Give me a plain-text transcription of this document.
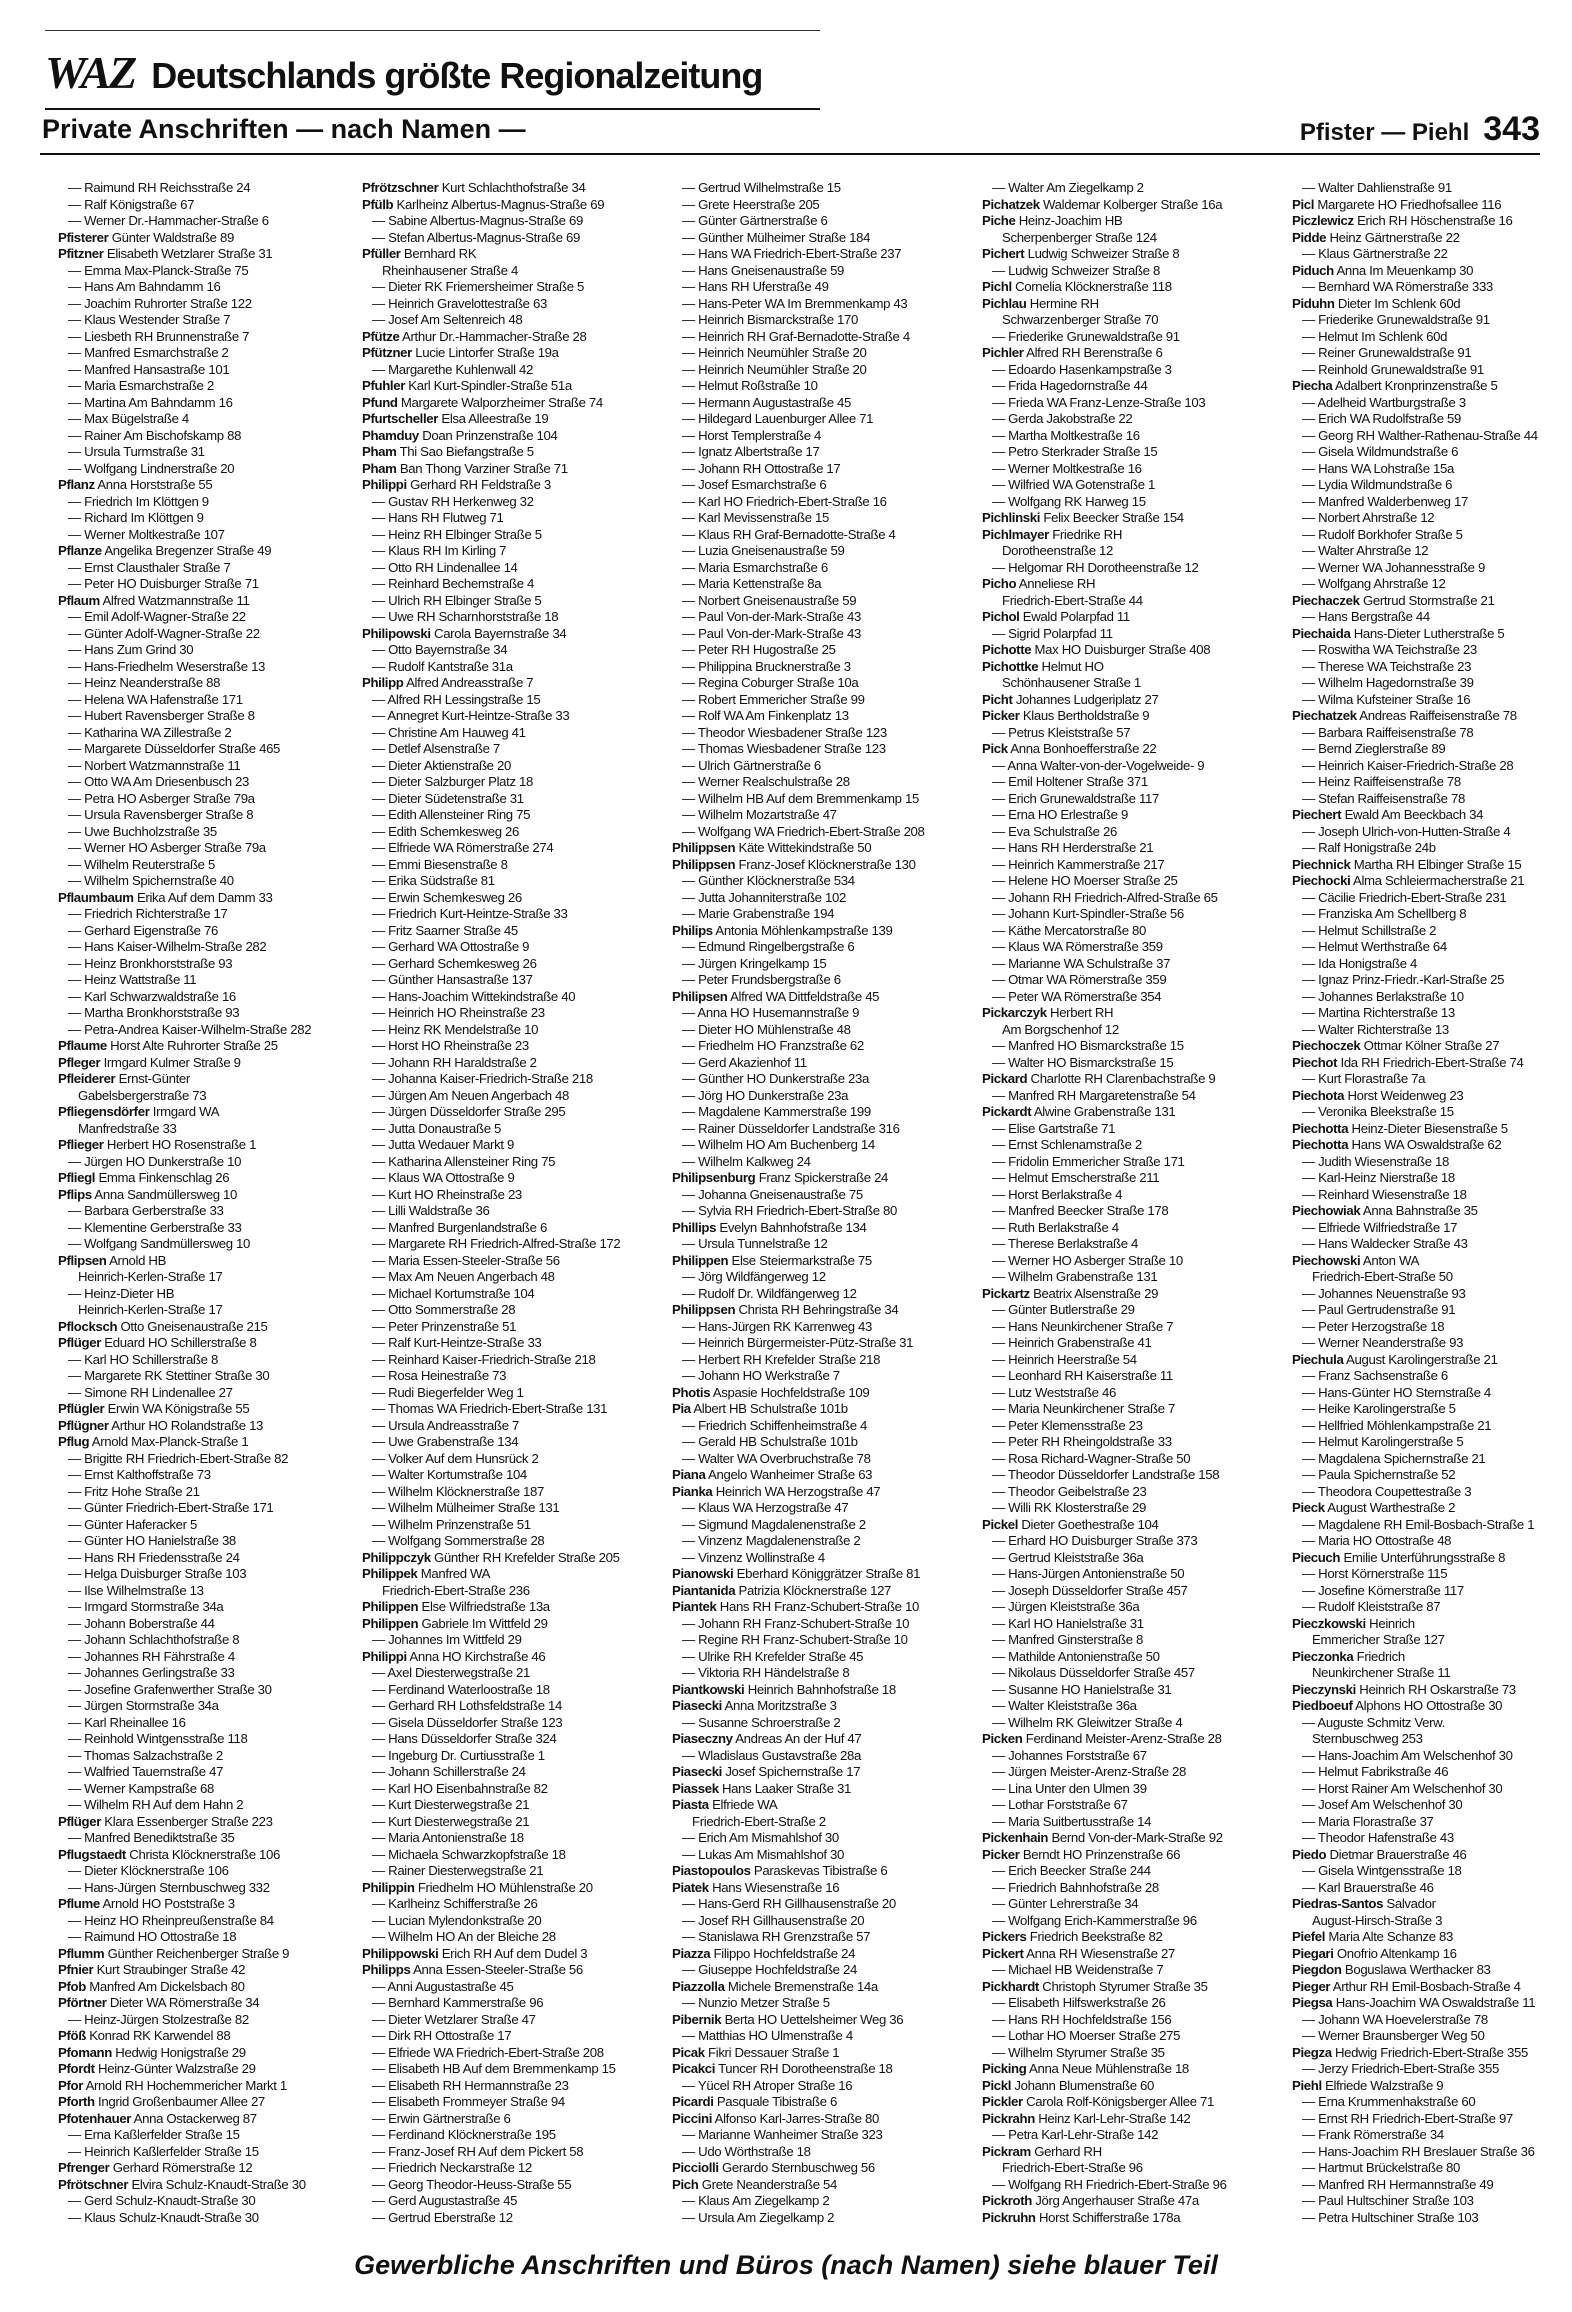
WAZ Deutschlands größte Regionalzeitung
Private Anschriften — nach Namen —	Pfister — Piehl 343
— Raimund RH Reichsstraße 24
— Ralf Königstraße 67
— Werner Dr.-Hammacher-Straße 6
Pfisterer Günter Waldstraße 89
Pfitzner Elisabeth Wetzlarer Straße 31
— Emma Max-Planck-Straße 75
— Hans Am Bahndamm 16
— Joachim Ruhrorter Straße 122
— Klaus Westender Straße 7
— Liesbeth RH Brunnenstraße 7
— Manfred Esmarchstraße 2
— Manfred Hansastraße 101
— Maria Esmarchstraße 2
— Martina Am Bahndamm 16
— Max Bügelstraße 4
— Rainer Am Bischofskamp 88
— Ursula Turmstraße 31
— Wolfgang Lindnerstraße 20
Pflanz Anna Horststraße 55
— Friedrich Im Klöttgen 9
— Richard Im Klöttgen 9
— Werner Moltkestraße 107
Pflanze Angelika Bregenzer Straße 49
— Ernst Clausthaler Straße 7
— Peter HO Duisburger Straße 71
Pflaum Alfred Watzmannstraße 11
— Emil Adolf-Wagner-Straße 22
— Günter Adolf-Wagner-Straße 22
— Hans Zum Grind 30
— Hans-Friedhelm Weserstraße 13
— Heinz Neanderstraße 88
— Helena WA Hafenstraße 171
— Hubert Ravensberger Straße 8
— Katharina WA Zillestraße 2
— Margarete Düsseldorfer Straße 465
— Norbert Watzmannstraße 11
— Otto WA Am Driesenbusch 23
— Petra HO Asberger Straße 79a
— Ursula Ravensberger Straße 8
— Uwe Buchholzstraße 35
— Werner HO Asberger Straße 79a
— Wilhelm Reuterstraße 5
— Wilhelm Spichernstraße 40
Pflaumbaum Erika Auf dem Damm 33
— Friedrich Richterstraße 17
— Gerhard Eigenstraße 76
— Hans Kaiser-Wilhelm-Straße 282
— Heinz Bronkhorststraße 93
— Heinz Wattstraße 11
— Karl Schwarzwaldstraße 16
— Martha Bronkhorststraße 93
— Petra-Andrea Kaiser-Wilhelm-Straße 282
Pflaume Horst Alte Ruhrorter Straße 25
Pfleger Irmgard Kulmer Straße 9
Pfleiderer Ernst-Günter
Gabelsbergerstraße 73
Pfliegensdörfer Irmgard WA
Manfredstraße 33
Pflieger Herbert HO Rosenstraße 1
— Jürgen HO Dunkerstraße 10
Pfliegl Emma Finkenschlag 26
Pflips Anna Sandmüllersweg 10
— Barbara Gerberstraße 33
— Klementine Gerberstraße 33
— Wolfgang Sandmüllersweg 10
Pflipsen Arnold HB
Heinrich-Kerlen-Straße 17
— Heinz-Dieter HB
Heinrich-Kerlen-Straße 17
Pflocksch Otto Gneisenaustraße 215
Pflüger Eduard HO Schillerstraße 8
— Karl HO Schillerstraße 8
— Margarete RK Stettiner Straße 30
— Simone RH Lindenallee 27
Pflügler Erwin WA Königstraße 55
Pflügner Arthur HO Rolandstraße 13
Pflug Arnold Max-Planck-Straße 1
— Brigitte RH Friedrich-Ebert-Straße 82
— Ernst Kalthoffstraße 73
— Fritz Hohe Straße 21
— Günter Friedrich-Ebert-Straße 171
— Günter Haferacker 5
— Günter HO Hanielstraße 38
— Hans RH Friedensstraße 24
— Helga Duisburger Straße 103
— Ilse Wilhelmstraße 13
— Irmgard Stormstraße 34a
— Johann Boberstraße 44
— Johann Schlachthofstraße 8
— Johannes RH Fährstraße 4
— Johannes Gerlingstraße 33
— Josefine Grafenwerther Straße 30
— Jürgen Stormstraße 34a
— Karl Rheinallee 16
— Reinhold Wintgensstraße 118
— Thomas Salzachstraße 2
— Walfried Tauernstraße 47
— Werner Kampstraße 68
— Wilhelm RH Auf dem Hahn 2
Pflüger Klara Essenberger Straße 223
— Manfred Benediktstraße 35
Pflugstaedt Christa Klöcknerstraße 106
— Dieter Klöcknerstraße 106
— Hans-Jürgen Sternbuschweg 332
Pflume Arnold HO Poststraße 3
— Heinz HO Rheinpreußenstraße 84
— Raimund HO Ottostraße 18
Pflumm Günther Reichenberger Straße 9
Pfnier Kurt Straubinger Straße 42
Pfob Manfred Am Dickelsbach 80
Pförtner Dieter WA Römerstraße 34
— Heinz-Jürgen Stolzestraße 82
Pföß Konrad RK Karwendel 88
Pfomann Hedwig Honigstraße 29
Pfordt Heinz-Günter Walzstraße 29
Pfor Arnold RH Hochemmericher Markt 1
Pforth Ingrid Großenbaumer Allee 27
Pfotenhauer Anna Ostackerweg 87
— Erna Kaßlerfelder Straße 15
— Heinrich Kaßlerfelder Straße 15
Pfrenger Gerhard Römerstraße 12
Pfrötschner Elvira Schulz-Knaudt-Straße 30
— Gerd Schulz-Knaudt-Straße 30
— Klaus Schulz-Knaudt-Straße 30
Pfrötzschner Kurt Schlachthofstraße 34
Pfülb Karlheinz Albertus-Magnus-Straße 69
— Sabine Albertus-Magnus-Straße 69
— Stefan Albertus-Magnus-Straße 69
Pfüller Bernhard RK
Rheinhausener Straße 4
— Dieter RK Friemersheimer Straße 5
— Heinrich Gravelottestraße 63
— Josef Am Seltenreich 48
Pfütze Arthur Dr.-Hammacher-Straße 28
Pfützner Lucie Lintorfer Straße 19a
— Margarethe Kuhlenwall 42
Pfuhler Karl Kurt-Spindler-Straße 51a
Pfund Margarete Walporzheimer Straße 74
Pfurtscheller Elsa Alleestraße 19
Phamduy Doan Prinzenstraße 104
Pham Thi Sao Biefangstraße 5
Pham Ban Thong Varziner Straße 71
Philippi Gerhard RH Feldstraße 3
— Gustav RH Herkenweg 32
— Hans RH Flutweg 71
— Heinz RH Elbinger Straße 5
— Klaus RH Im Kirling 7
— Otto RH Lindenallee 14
— Reinhard Bechemstraße 4
— Ulrich RH Elbinger Straße 5
— Uwe RH Scharnhorststraße 18
Philipowski Carola Bayernstraße 34
— Otto Bayernstraße 34
— Rudolf Kantstraße 31a
Philipp Alfred Andreasstraße 7
— Alfred RH Lessingstraße 15
— Annegret Kurt-Heintze-Straße 33
— Christine Am Hauweg 41
— Detlef Alsenstraße 7
— Dieter Aktienstraße 20
— Dieter Salzburger Platz 18
— Dieter Südetenstraße 31
— Edith Allensteiner Ring 75
— Edith Schemkesweg 26
— Elfriede WA Römerstraße 274
— Emmi Biesenstraße 8
— Erika Südstraße 81
— Erwin Schemkesweg 26
— Friedrich Kurt-Heintze-Straße 33
— Fritz Saarner Straße 45
— Gerhard WA Ottostraße 9
— Gerhard Schemkesweg 26
— Günther Hansastraße 137
— Hans-Joachim Wittekindstraße 40
— Heinrich HO Rheinstraße 23
— Heinz RK Mendelstraße 10
— Horst HO Rheinstraße 23
— Johann RH Haraldstraße 2
— Johanna Kaiser-Friedrich-Straße 218
— Jürgen Am Neuen Angerbach 48
— Jürgen Düsseldorfer Straße 295
— Jutta Donaustraße 5
— Jutta Wedauer Markt 9
— Katharina Allensteiner Ring 75
— Klaus WA Ottostraße 9
— Kurt HO Rheinstraße 23
— Lilli Waldstraße 36
— Manfred Burgenlandstraße 6
— Margarete RH Friedrich-Alfred-Straße 172
— Maria Essen-Steeler-Straße 56
— Max Am Neuen Angerbach 48
— Michael Kortumstraße 104
— Otto Sommerstraße 28
— Peter Prinzenstraße 51
— Ralf Kurt-Heintze-Straße 33
— Reinhard Kaiser-Friedrich-Straße 218
— Rosa Heinestraße 73
— Rudi Biegerfelder Weg 1
— Thomas WA Friedrich-Ebert-Straße 131
— Ursula Andreasstraße 7
— Uwe Grabenstraße 134
— Volker Auf dem Hunsrück 2
— Walter Kortumstraße 104
— Wilhelm Klöcknerstraße 187
— Wilhelm Mülheimer Straße 131
— Wilhelm Prinzenstraße 51
— Wolfgang Sommerstraße 28
Philippczyk Günther RH Krefelder Straße 205
Philippek Manfred WA
Friedrich-Ebert-Straße 236
Philippen Else Wilfriedstraße 13a
Philippen Gabriele Im Wittfeld 29
— Johannes Im Wittfeld 29
Philippi Anna HO Kirchstraße 46
— Axel Diesterwegstraße 21
— Ferdinand Waterloostraße 18
— Gerhard RH Lothsfeldstraße 14
— Gisela Düsseldorfer Straße 123
— Hans Düsseldorfer Straße 324
— Ingeburg Dr. Curtiusstraße 1
— Johann Schillerstraße 24
— Karl HO Eisenbahnstraße 82
— Kurt Diesterwegstraße 21
— Kurt Diesterwegstraße 21
— Maria Antonienstraße 18
— Michaela Schwarzkopfstraße 18
— Rainer Diesterwegstraße 21
Philippin Friedhelm HO Mühlenstraße 20
— Karlheinz Schifferstraße 26
— Lucian Mylendonkstraße 20
— Wilhelm HO An der Bleiche 28
Philippowski Erich RH Auf dem Dudel 3
Philipps Anna Essen-Steeler-Straße 56
— Anni Augustastraße 45
— Bernhard Kammerstraße 96
— Dieter Wetzlarer Straße 47
— Dirk RH Ottostraße 17
— Elfriede WA Friedrich-Ebert-Straße 208
— Elisabeth HB Auf dem Bremmenkamp 15
— Elisabeth RH Hermannstraße 23
— Elisabeth Frommeyer Straße 94
— Erwin Gärtnerstraße 6
— Ferdinand Klöcknerstraße 195
— Franz-Josef RH Auf dem Pickert 58
— Friedrich Neckarstraße 12
— Georg Theodor-Heuss-Straße 55
— Gerd Augustastraße 45
— Gertrud Eberstraße 12
— Gertrud Wilhelmstraße 15
— Grete Heerstraße 205
— Günter Gärtnerstraße 6
— Günther Mülheimer Straße 184
— Hans WA Friedrich-Ebert-Straße 237
— Hans Gneisenaustraße 59
— Hans RH Uferstraße 49
— Hans-Peter WA Im Bremmenkamp 43
— Heinrich Bismarckstraße 170
— Heinrich RH Graf-Bernadotte-Straße 4
— Heinrich Neumühler Straße 20
— Heinrich Neumühler Straße 20
— Helmut Roßstraße 10
— Hermann Augustastraße 45
— Hildegard Lauenburger Allee 71
— Horst Templerstraße 4
— Ignatz Albertstraße 17
— Johann RH Ottostraße 17
— Josef Esmarchstraße 6
— Karl HO Friedrich-Ebert-Straße 16
— Karl Mevissenstraße 15
— Klaus RH Graf-Bernadotte-Straße 4
— Luzia Gneisenaustraße 59
— Maria Esmarchstraße 6
— Maria Kettenstraße 8a
— Norbert Gneisenaustraße 59
— Paul Von-der-Mark-Straße 43
— Paul Von-der-Mark-Straße 43
— Peter RH Hugostraße 25
— Philippina Brucknerstraße 3
— Regina Coburger Straße 10a
— Robert Emmericher Straße 99
— Rolf WA Am Finkenplatz 13
— Theodor Wiesbadener Straße 123
— Thomas Wiesbadener Straße 123
— Ulrich Gärtnerstraße 6
— Werner Realschulstraße 28
— Wilhelm HB Auf dem Bremmenkamp 15
— Wilhelm Mozartstraße 47
— Wolfgang WA Friedrich-Ebert-Straße 208
Philippsen Käte Wittekindstraße 50
Philippsen Franz-Josef Klöcknerstraße 130
— Günther Klöcknerstraße 534
— Jutta Johanniterstraße 102
— Marie Grabenstraße 194
Philips Antonia Möhlenkampstraße 139
— Edmund Ringelbergstraße 6
— Jürgen Kringelkamp 15
— Peter Frundsbergstraße 6
Philipsen Alfred WA Dittfeldstraße 45
— Anna HO Husemannstraße 9
— Dieter HO Mühlenstraße 48
— Friedhelm HO Franzstraße 62
— Gerd Akazienhof 11
— Günther HO Dunkerstraße 23a
— Jörg HO Dunkerstraße 23a
— Magdalene Kammerstraße 199
— Rainer Düsseldorfer Landstraße 316
— Wilhelm HO Am Buchenberg 14
— Wilhelm Kalkweg 24
Philipsenburg Franz Spickerstraße 24
— Johanna Gneisenaustraße 75
— Sylvia RH Friedrich-Ebert-Straße 80
Phillips Evelyn Bahnhofstraße 134
— Ursula Tunnelstraße 12
Philippen Else Steiermarkstraße 75
— Jörg Wildfängerweg 12
— Rudolf Dr. Wildfängerweg 12
Philippsen Christa RH Behringstraße 34
— Hans-Jürgen RK Karrenweg 43
— Heinrich Bürgermeister-Pütz-Straße 31
— Herbert RH Krefelder Straße 218
— Johann HO Werkstraße 7
Photis Aspasie Hochfeldstraße 109
Pia Albert HB Schulstraße 101b
— Friedrich Schiffenheimstraße 4
— Gerald HB Schulstraße 101b
— Walter WA Overbruchstraße 78
Piana Angelo Wanheimer Straße 63
Pianka Heinrich WA Herzogstraße 47
— Klaus WA Herzogstraße 47
— Sigmund Magdalenenstraße 2
— Vinzenz Magdalenenstraße 2
— Vinzenz Wollinstraße 4
Pianowski Eberhard Königgrätzer Straße 81
Piantanida Patrizia Klöcknerstraße 127
Piantek Hans RH Franz-Schubert-Straße 10
— Johann RH Franz-Schubert-Straße 10
— Regine RH Franz-Schubert-Straße 10
— Ulrike RH Krefelder Straße 45
— Viktoria RH Händelstraße 8
Piantkowski Heinrich Bahnhofstraße 18
Piasecki Anna Moritzstraße 3
— Susanne Schroerstraße 2
Piaseczny Andreas An der Huf 47
— Wladislaus Gustavstraße 28a
Piasecki Josef Spichernstraße 17
Piassek Hans Laaker Straße 31
Piasta Elfriede WA
Friedrich-Ebert-Straße 2
— Erich Am Mismahlshof 30
— Lukas Am Mismahlshof 30
Piastopoulos Paraskevas Tibistraße 6
Piatek Hans Wiesenstraße 16
— Hans-Gerd RH Gillhausenstraße 20
— Josef RH Gillhausenstraße 20
— Stanislawa RH Grenzstraße 57
Piazza Filippo Hochfeldstraße 24
— Giuseppe Hochfeldstraße 24
Piazzolla Michele Bremenstraße 14a
— Nunzio Metzer Straße 5
Pibernik Berta HO Uettelsheimer Weg 36
— Matthias HO Ulmenstraße 4
Picak Fikri Dessauer Straße 1
Picakci Tuncer RH Dorotheenstraße 18
— Yücel RH Atroper Straße 16
Picardi Pasquale Tibistraße 6
Piccini Alfonso Karl-Jarres-Straße 80
— Marianne Wanheimer Straße 323
— Udo Wörthstraße 18
Picciolli Gerardo Sternbuschweg 56
Pich Grete Neanderstraße 54
— Klaus Am Ziegelkamp 2
— Ursula Am Ziegelkamp 2
— Walter Am Ziegelkamp 2
Pichatzek Waldemar Kolberger Straße 16a
Piche Heinz-Joachim HB
Scherpenberger Straße 124
Pichert Ludwig Schweizer Straße 8
— Ludwig Schweizer Straße 8
Pichl Cornelia Klöcknerstraße 118
Pichlau Hermine RH
Schwarzenberger Straße 70
— Friederike Grunewaldstraße 91
Pichler Alfred RH Berenstraße 6
— Edoardo Hasenkampstraße 3
— Frida Hagedornstraße 44
— Frieda WA Franz-Lenze-Straße 103
— Gerda Jakobstraße 22
— Martha Moltkestraße 16
— Petro Sterkrader Straße 15
— Werner Moltkestraße 16
— Wilfried WA Gotenstraße 1
— Wolfgang RK Harweg 15
Pichlinski Felix Beecker Straße 154
Pichlmayer Friedrike RH
Dorotheenstraße 12
— Helgomar RH Dorotheenstraße 12
Picho Anneliese RH
Friedrich-Ebert-Straße 44
Pichol Ewald Polarpfad 11
— Sigrid Polarpfad 11
Pichotte Max HO Duisburger Straße 408
Pichottke Helmut HO
Schönhausener Straße 1
Picht Johannes Ludgeriplatz 27
Picker Klaus Bertholdstraße 9
— Petrus Kleiststraße 57
Pick Anna Bonhoefferstraße 22
— Anna Walter-von-der-Vogelweide- 9
— Emil Holtener Straße 371
— Erich Grunewaldstraße 117
— Erna HO Erlestraße 9
— Eva Schulstraße 26
— Hans RH Herderstraße 21
— Heinrich Kammerstraße 217
— Helene HO Moerser Straße 25
— Johann RH Friedrich-Alfred-Straße 65
— Johann Kurt-Spindler-Straße 56
— Käthe Mercatorstraße 80
— Klaus WA Römerstraße 359
— Marianne WA Schulstraße 37
— Otmar WA Römerstraße 359
— Peter WA Römerstraße 354
Pickarczyk Herbert RH
Am Borgschenhof 12
— Manfred HO Bismarckstraße 15
— Walter HO Bismarckstraße 15
Pickard Charlotte RH Clarenbachstraße 9
— Manfred RH Margaretenstraße 54
Pickardt Alwine Grabenstraße 131
— Elise Gartstraße 71
— Ernst Schlenamstraße 2
— Fridolin Emmericher Straße 171
— Helmut Emscherstraße 211
— Horst Berlakstraße 4
— Manfred Beecker Straße 178
— Ruth Berlakstraße 4
— Therese Berlakstraße 4
— Werner HO Asberger Straße 10
— Wilhelm Grabenstraße 131
Pickartz Beatrix Alsenstraße 29
— Günter Butlerstraße 29
— Hans Neunkirchener Straße 7
— Heinrich Grabenstraße 41
— Heinrich Heerstraße 54
— Leonhard RH Kaiserstraße 11
— Lutz Weststraße 46
— Maria Neunkirchener Straße 7
— Peter Klemensstraße 23
— Peter RH Rheingoldstraße 33
— Rosa Richard-Wagner-Straße 50
— Theodor Düsseldorfer Landstraße 158
— Theodor Geibelstraße 23
— Willi RK Klosterstraße 29
Pickel Dieter Goethestraße 104
— Erhard HO Duisburger Straße 373
— Gertrud Kleiststraße 36a
— Hans-Jürgen Antonienstraße 50
— Joseph Düsseldorfer Straße 457
— Jürgen Kleiststraße 36a
— Karl HO Hanielstraße 31
— Manfred Ginsterstraße 8
— Mathilde Antonienstraße 50
— Nikolaus Düsseldorfer Straße 457
— Susanne HO Hanielstraße 31
— Walter Kleiststraße 36a
— Wilhelm RK Gleiwitzer Straße 4
Picken Ferdinand Meister-Arenz-Straße 28
— Johannes Forststraße 67
— Jürgen Meister-Arenz-Straße 28
— Lina Unter den Ulmen 39
— Lothar Forststraße 67
— Maria Suitbertusstraße 14
Pickenhain Bernd Von-der-Mark-Straße 92
Picker Berndt HO Prinzenstraße 66
— Erich Beecker Straße 244
— Friedrich Bahnhofstraße 28
— Günter Lehrerstraße 34
— Wolfgang Erich-Kammerstraße 96
Pickers Friedrich Beekstraße 82
Pickert Anna RH Wiesenstraße 27
— Michael HB Weidenstraße 7
Pickhardt Christoph Styrumer Straße 35
— Elisabeth Hilfswerkstraße 26
— Hans RH Hochfeldstraße 156
— Lothar HO Moerser Straße 275
— Wilhelm Styrumer Straße 35
Picking Anna Neue Mühlenstraße 18
Pickl Johann Blumenstraße 60
Pickler Carola Rolf-Königsberger Allee 71
Pickrahn Heinz Karl-Lehr-Straße 142
— Petra Karl-Lehr-Straße 142
Pickram Gerhard RH
Friedrich-Ebert-Straße 96
— Wolfgang RH Friedrich-Ebert-Straße 96
Pickroth Jörg Angerhauser Straße 47a
Pickruhn Horst Schifferstraße 178a
— Walter Dahlienstraße 91
Picl Margarete HO Friedhofsallee 116
Piczlewicz Erich RH Höschenstraße 16
Pidde Heinz Gärtnerstraße 22
— Klaus Gärtnerstraße 22
Piduch Anna Im Meuenkamp 30
— Bernhard WA Römerstraße 333
Piduhn Dieter Im Schlenk 60d
— Friederike Grunewaldstraße 91
— Helmut Im Schlenk 60d
— Reiner Grunewaldstraße 91
— Reinhold Grunewaldstraße 91
Piecha Adalbert Kronprinzenstraße 5
— Adelheid Wartburgstraße 3
— Erich WA Rudolfstraße 59
— Georg RH Walther-Rathenau-Straße 44
— Gisela Wildmundstraße 6
— Hans WA Lohstraße 15a
— Lydia Wildmundstraße 6
— Manfred Walderbenweg 17
— Norbert Ahrstraße 12
— Rudolf Borkhofer Straße 5
— Walter Ahrstraße 12
— Werner WA Johannesstraße 9
— Wolfgang Ahrstraße 12
Piechaczek Gertrud Stormstraße 21
— Hans Bergstraße 44
Piechaida Hans-Dieter Lutherstraße 5
— Roswitha WA Teichstraße 23
— Therese WA Teichstraße 23
— Wilhelm Hagedornstraße 39
— Wilma Kufsteiner Straße 16
Piechatzek Andreas Raiffeisenstraße 78
— Barbara Raiffeisenstraße 78
— Bernd Zieglerstraße 89
— Heinrich Kaiser-Friedrich-Straße 28
— Heinz Raiffeisenstraße 78
— Stefan Raiffeisenstraße 78
Piechert Ewald Am Beeckbach 34
— Joseph Ulrich-von-Hutten-Straße 4
— Ralf Honigstraße 24b
Piechnick Martha RH Elbinger Straße 15
Piechocki Alma Schleiermacherstraße 21
— Cäcilie Friedrich-Ebert-Straße 231
— Franziska Am Schellberg 8
— Helmut Schillstraße 2
— Helmut Werthstraße 64
— Ida Honigstraße 4
— Ignaz Prinz-Friedr.-Karl-Straße 25
— Johannes Berlakstraße 10
— Martina Richterstraße 13
— Walter Richterstraße 13
Piechoczek Ottmar Kölner Straße 27
Piechot Ida RH Friedrich-Ebert-Straße 74
— Kurt Florastraße 7a
Piechota Horst Weidenweg 23
— Veronika Bleekstraße 15
Piechotta Heinz-Dieter Biesenstraße 5
Piechotta Hans WA Oswaldstraße 62
— Judith Wiesenstraße 18
— Karl-Heinz Nierstraße 18
— Reinhard Wiesenstraße 18
Piechowiak Anna Bahnstraße 35
— Elfriede Wilfriedstraße 17
— Hans Waldecker Straße 43
Piechowski Anton WA
Friedrich-Ebert-Straße 50
— Johannes Neuenstraße 93
— Paul Gertrudenstraße 91
— Peter Herzogstraße 18
— Werner Neanderstraße 93
Piechula August Karolingerstraße 21
— Franz Sachsenstraße 6
— Hans-Günter HO Sternstraße 4
— Heike Karolingerstraße 5
— Hellfried Möhlenkampstraße 21
— Helmut Karolingerstraße 5
— Magdalena Spichernstraße 21
— Paula Spichernstraße 52
— Theodora Coupettestraße 3
Pieck August Warthestraße 2
— Magdalene RH Emil-Bosbach-Straße 1
— Maria HO Ottostraße 48
Piecuch Emilie Unterführungsstraße 8
— Horst Körnerstraße 115
— Josefine Körnerstraße 117
— Rudolf Kleiststraße 87
Pieczkowski Heinrich
Emmericher Straße 127
Pieczonka Friedrich
Neunkirchener Straße 11
Pieczynski Heinrich RH Oskarstraße 73
Piedboeuf Alphons HO Ottostraße 30
— Auguste Schmitz Verw.
Sternbuschweg 253
— Hans-Joachim Am Welschenhof 30
— Helmut Fabrikstraße 46
— Horst Rainer Am Welschenhof 30
— Josef Am Welschenhof 30
— Maria Florastraße 37
— Theodor Hafenstraße 43
Piedo Dietmar Brauerstraße 46
— Gisela Wintgensstraße 18
— Karl Brauerstraße 46
Piedras-Santos Salvador
August-Hirsch-Straße 3
Piefel Maria Alte Schanze 83
Piegari Onofrio Altenkamp 16
Piegdon Boguslawa Werthacker 83
Pieger Arthur RH Emil-Bosbach-Straße 4
Piegsa Hans-Joachim WA Oswaldstraße 11
— Johann WA Hoevelerstraße 78
— Werner Braunsberger Weg 50
Piegza Hedwig Friedrich-Ebert-Straße 355
— Jerzy Friedrich-Ebert-Straße 355
Piehl Elfriede Walzstraße 9
— Erna Krummenhakstraße 60
— Ernst RH Friedrich-Ebert-Straße 97
— Frank Römerstraße 34
— Hans-Joachim RH Breslauer Straße 36
— Hartmut Brückelstraße 80
— Manfred RH Hermannstraße 49
— Paul Hultschiner Straße 103
— Petra Hultschiner Straße 103
Gewerbliche Anschriften und Büros (nach Namen) siehe blauer Teil
